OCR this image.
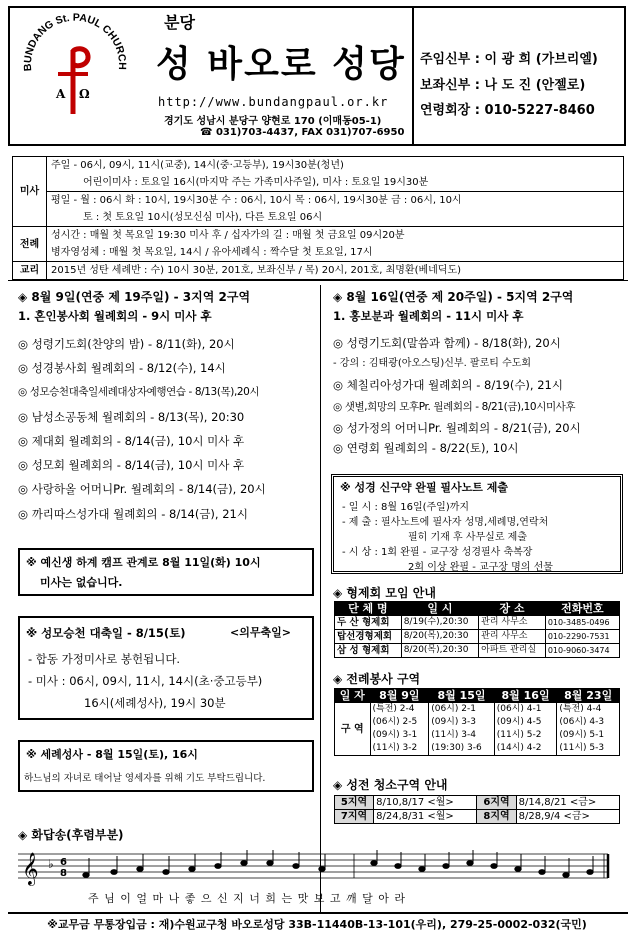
BUNDANG St. PAUL CHURCH
A Ω
분당
성 바오로 성당
http://www.bundangpaul.or.kr
경기도 성남시 분당구 양현로 170 (이매동05-1)
☎ 031)703-4437, FAX 031)707-6950
주임신부 : 이 광 희 (가브리엘)
보좌신부 : 나 도 진 (안젤로)
연령회장 : 010-5227-8460
미사	주일 - 06시, 09시, 11시(교중), 14시(중·고등부), 19시30분(청년)
	어린이미사 : 토요일 16시(마지막 주는 가족미사주일), 미사 : 토요일 19시30분
	평일 - 월 : 06시 화 : 10시, 19시30분 수 : 06시, 10시 목 : 06시, 19시30분 금 : 06시, 10시
	토 : 첫 토요일 10시(성모신심 미사), 다른 토요일 06시
전례	성시간 : 매월 첫 목요일 19:30 미사 후 / 십자가의 길 : 매월 첫 금요일 09시20분
	병자영성체 : 매월 첫 목요일, 14시 / 유아세례식 : 짝수달 첫 토요일, 17시
교리	2015년 성탄 세례반 : 수) 10시 30분, 201호, 보좌신부 / 목) 20시, 201호, 최명환(베네딕도)
◈ 8월 9일(연중 제 19주일) - 3지역 2구역
1. 혼인봉사회 월례회의 - 9시 미사 후
◎ 성령기도회(찬양의 밤) - 8/11(화), 20시
◎ 성경봉사회 월례회의 - 8/12(수), 14시
◎ 성모승천대축일세례대상자예행연습 - 8/13(목),20시
◎ 남성소공동체 월례회의 - 8/13(목), 20:30
◎ 제대회 월례회의 - 8/14(금), 10시 미사 후
◎ 성모회 월례회의 - 8/14(금), 10시 미사 후
◎ 사랑하올 어머니Pr. 월례회의 - 8/14(금), 20시
◎ 까리따스성가대 월례회의 - 8/14(금), 21시
※ 예신생 하계 캠프 관계로 8월 11일(화) 10시
미사는 없습니다.
※ 성모승천 대축일 - 8/15(토)	<의무축일>
- 합동 가정미사로 봉헌됩니다.
- 미사 : 06시, 09시, 11시, 14시(초·중고등부)
16시(세례성사), 19시 30분
※ 세례성사 - 8월 15일(토), 16시
하느님의 자녀로 태어날 영세자를 위해 기도 부탁드립니다.
◈ 8월 16일(연중 제 20주일) - 5지역 2구역
1. 홍보분과 월례회의 - 11시 미사 후
◎ 성령기도회(말씀과 함께) - 8/18(화), 20시
- 강의 : 김태광(아오스팅)신부. 팔로티 수도회
◎ 체칠리아성가대 월례회의 - 8/19(수), 21시
◎ 샛별,희망의 모후Pr. 월례회의 - 8/21(금),10시미사후
◎ 성가정의 어머니Pr. 월례회의 - 8/21(금), 20시
◎ 연령회 월례회의 - 8/22(토), 10시
※ 성경 신구약 완필 필사노트 제출
- 일 시 : 8월 16일(주일)까지
- 제 출 : 필사노트에 필사자 성명,세례명,연락처
필히 기재 후 사무실로 제출
- 시 상 : 1회 완필 - 교구장 성경필사 축복장
2회 이상 완필 - 교구장 명의 선물
◈ 형제회 모임 안내
단 체 명	일 시	장 소	전화번호
두 산 형제회	8/19(수),20:30	관리 사무소	010-3485-0496
탑선경형제회	8/20(목),20:30	관리 사무소	010-2290-7531
삼 성 형제회	8/20(목),20:30	아파트 관리실	010-9060-3474
◈ 전례봉사 구역
일 자	8월 9일	8월 15일	8월 16일	8월 23일
구 역	(특전) 2-4	(06시) 2-1	(06시) 4-1	(특전) 4-4
	(06시) 2-5	(09시) 3-3	(09시) 4-5	(06시) 4-3
	(09시) 3-1	(11시) 3-4	(11시) 5-2	(09시) 5-1
	(11시) 3-2	(19:30) 3-6	(14시) 4-2	(11시) 5-3
◈ 성전 청소구역 안내
5지역	8/10,8/17 <월>	6지역	8/14,8/21 <금>
7지역	8/24,8/31 <월>	8지역	8/28,9/4 <금>
◈ 화답송(후렴부분)
𝄞 ♭ 6
8
주 님 이 얼 마 나 좋 으 신 지 너 희 는 맛 보 고 깨 달 아 라
※교무금 무통장입금 : 재)수원교구청 바오로성당 33B-11440B-13-101(우리), 279-25-0002-032(국민)
